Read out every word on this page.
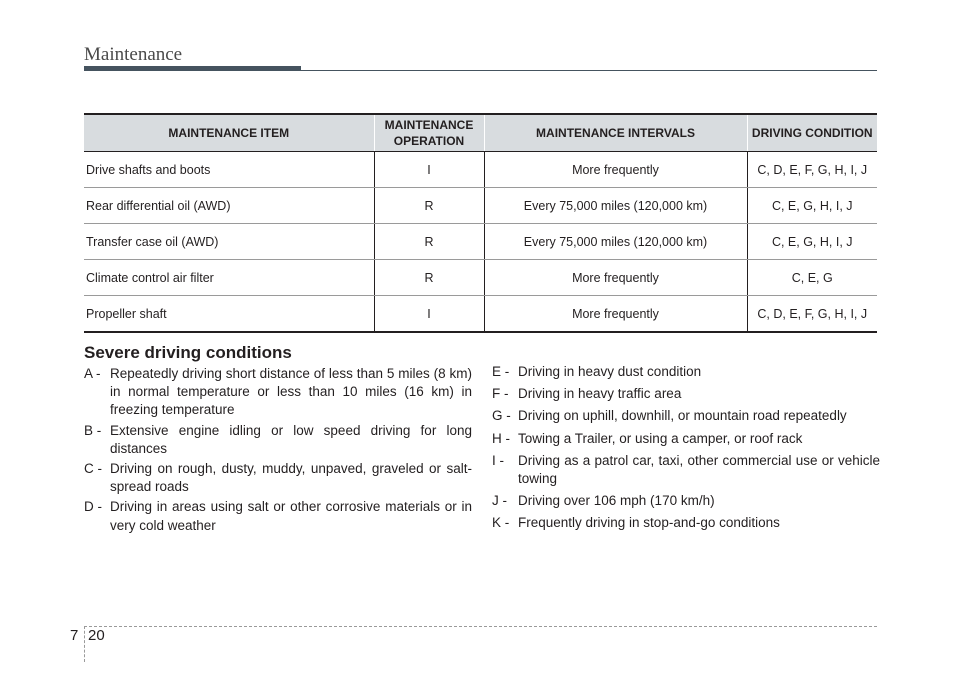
Maintenance
MAINTENANCE ITEM	MAINTENANCE OPERATION	MAINTENANCE INTERVALS	DRIVING CONDITION
Drive shafts and boots	I	More frequently	C, D, E, F, G, H, I, J
Rear differential oil (AWD)	R	Every 75,000 miles (120,000 km)	C, E, G, H, I, J
Transfer case oil (AWD)	R	Every 75,000 miles (120,000 km)	C, E, G, H, I, J
Climate control air filter	R	More frequently	C, E, G
Propeller shaft	I	More frequently	C, D, E, F, G, H, I, J
Severe driving conditions
A - Repeatedly driving short distance of less than 5 miles (8 km) in normal temperature or less than 10 miles (16 km) in freezing temperature
B - Extensive engine idling or low speed driving for long distances
C - Driving on rough, dusty, muddy, unpaved, graveled or salt-spread roads
D - Driving in areas using salt or other corrosive materials or in very cold weather
E - Driving in heavy dust condition
F - Driving in heavy traffic area
G - Driving on uphill, downhill, or mountain road repeatedly
H - Towing a Trailer, or using a camper, or roof rack
I -	Driving as a patrol car, taxi, other commercial use or vehicle towing
J - Driving over 106 mph (170 km/h)
K - Frequently driving in stop-and-go conditions
7 20
